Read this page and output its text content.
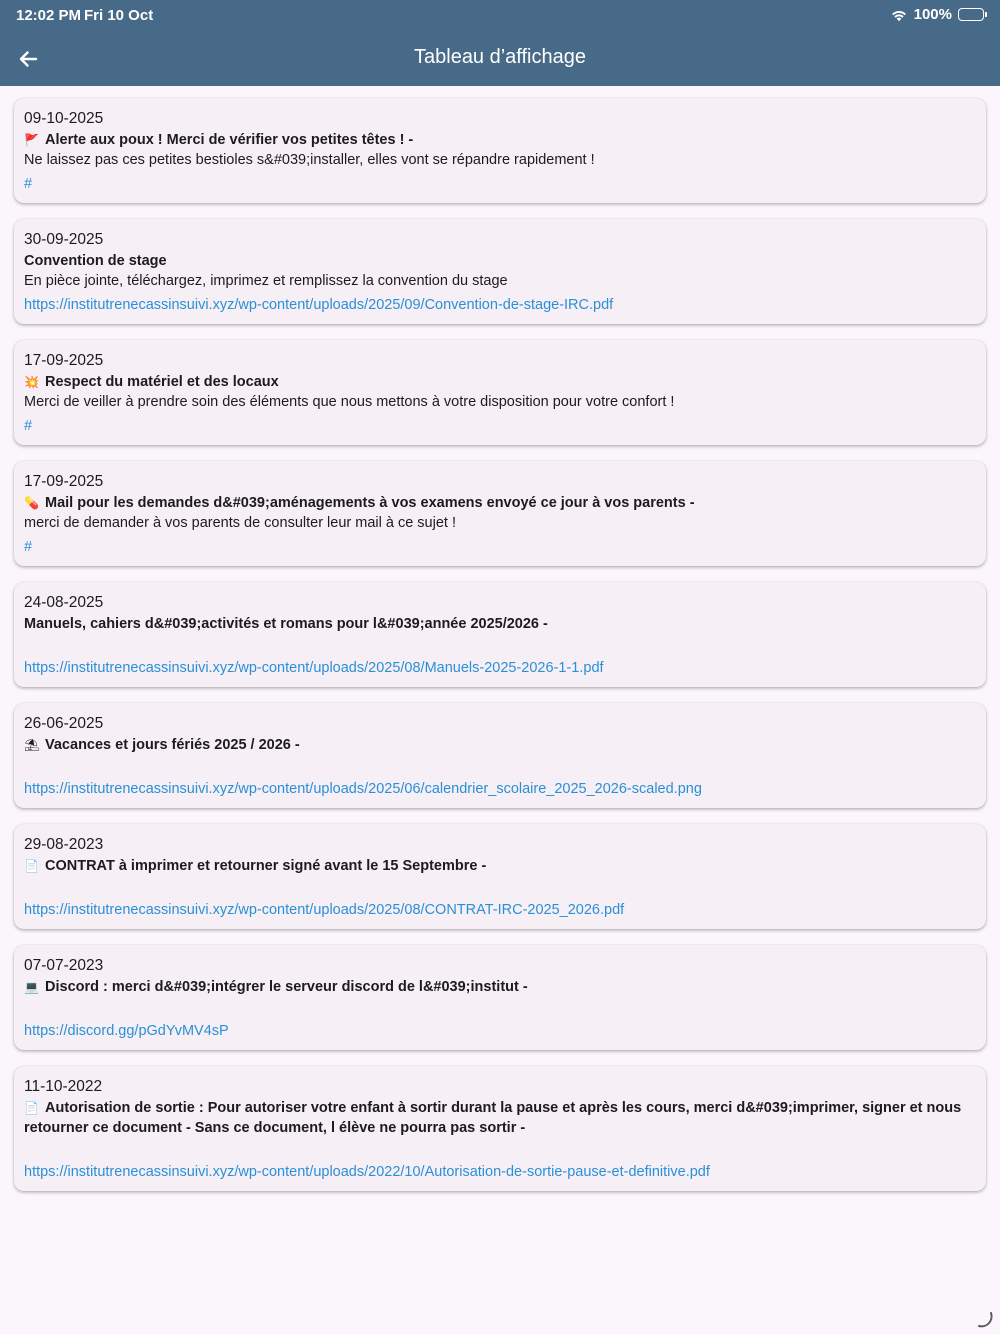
12:02 PM Fri 10 Oct	100%
Tableau d’affichage
09-10-2025
🚩 Alerte aux poux ! Merci de vérifier vos petites têtes ! -
Ne laissez pas ces petites bestioles s&#039;installer, elles vont se répandre rapidement !
#
30-09-2025
Convention de stage
En pièce jointe, téléchargez, imprimez et remplissez la convention du stage
https://institutrenecassinsuivi.xyz/wp-content/uploads/2025/09/Convention-de-stage-IRC.pdf
17-09-2025
💥 Respect du matériel et des locaux
Merci de veiller à prendre soin des éléments que nous mettons à votre disposition pour votre confort !
#
17-09-2025
💊 Mail pour les demandes d&#039;aménagements à vos examens envoyé ce jour à vos parents -
merci de demander à vos parents de consulter leur mail à ce sujet !
#
24-08-2025
Manuels, cahiers d&#039;activités et romans pour l&#039;année 2025/2026 -
https://institutrenecassinsuivi.xyz/wp-content/uploads/2025/08/Manuels-2025-2026-1-1.pdf
26-06-2025
⛱ Vacances et jours fériés 2025 / 2026 -
https://institutrenecassinsuivi.xyz/wp-content/uploads/2025/06/calendrier_scolaire_2025_2026-scaled.png
29-08-2023
📄 CONTRAT à imprimer et retourner signé avant le 15 Septembre -
https://institutrenecassinsuivi.xyz/wp-content/uploads/2025/08/CONTRAT-IRC-2025_2026.pdf
07-07-2023
💻 Discord : merci d&#039;intégrer le serveur discord de l&#039;institut -
https://discord.gg/pGdYvMV4sP
11-10-2022
📄 Autorisation de sortie : Pour autoriser votre enfant à sortir durant la pause et après les cours, merci d&#039;imprimer, signer et nous retourner ce document - Sans ce document, l élève ne pourra pas sortir -
https://institutrenecassinsuivi.xyz/wp-content/uploads/2022/10/Autorisation-de-sortie-pause-et-definitive.pdf
